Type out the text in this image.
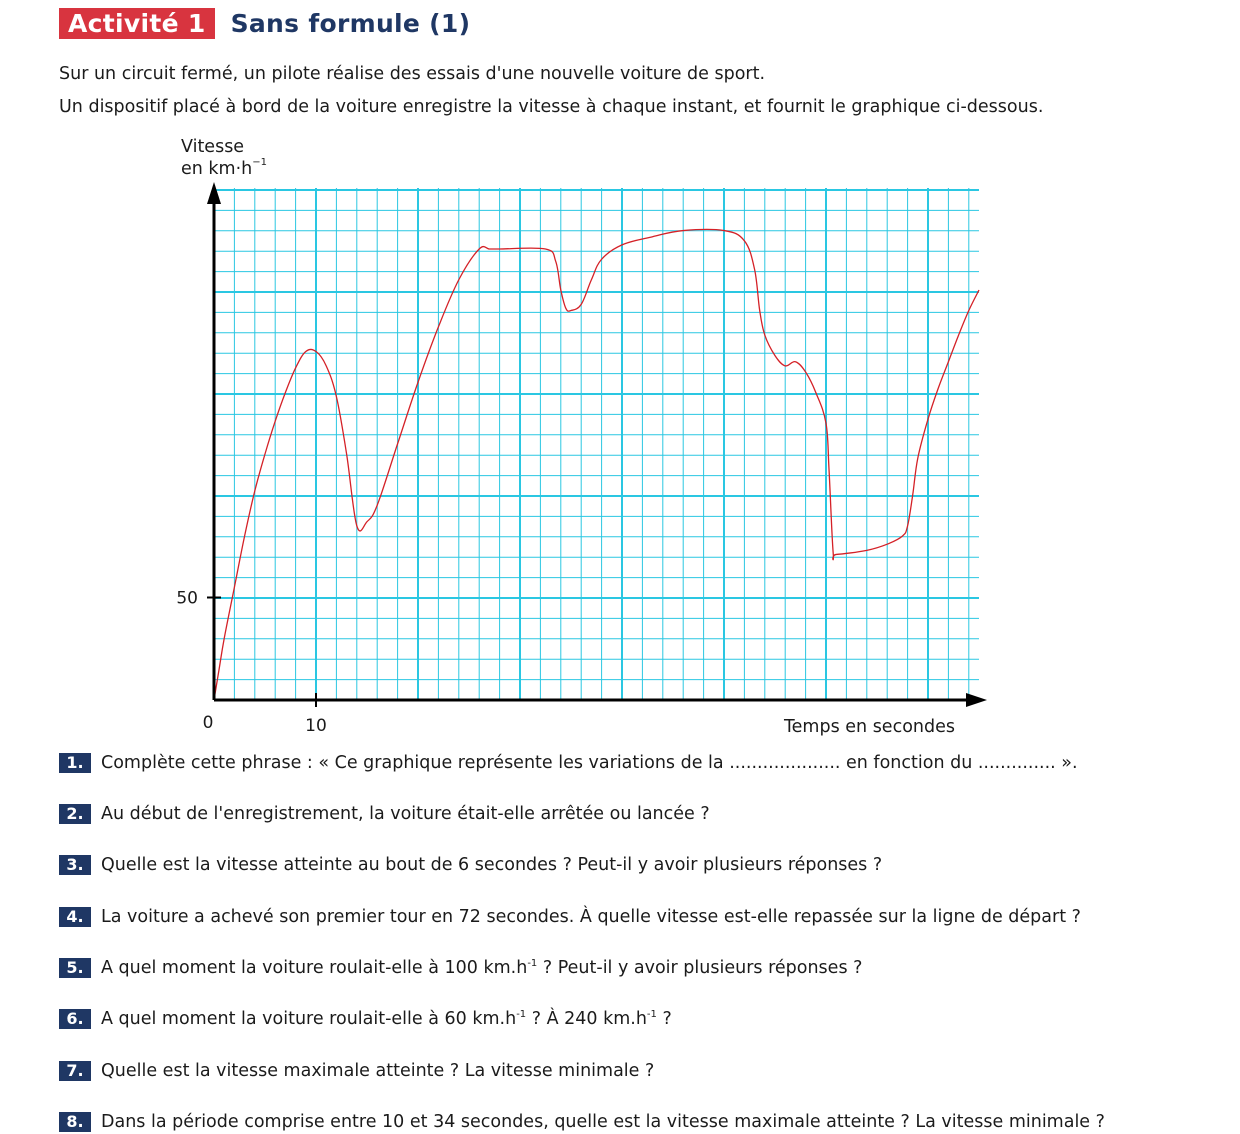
Activité 1	Sans formule (1)
Sur un circuit fermé, un pilote réalise des essais d'une nouvelle voiture de sport.
Un dispositif placé à bord de la voiture enregistre la vitesse à chaque instant, et fournit le graphique ci-dessous.
Vitesse
en $km\cdot h^{-1}$
Temps en secondes
0	10
50
1. Complète cette phrase : « Ce graphique représente les variations de la .................... en fonction du .............. ».
2. Au début de l'enregistrement, la voiture était-elle arrêtée ou lancée ?
3. Quelle est la vitesse atteinte au bout de 6 secondes ? Peut-il y avoir plusieurs réponses ?
4. La voiture a achevé son premier tour en 72 secondes. À quelle vitesse est-elle repassée sur la ligne de départ ?
5. A quel moment la voiture roulait-elle à 100 $km.h^{-1}$ ? Peut-il y avoir plusieurs réponses ?
6. A quel moment la voiture roulait-elle à 60 $km.h^{-1}$ ? À 240 $km.h^{-1}$ ?
7. Quelle est la vitesse maximale atteinte ? La vitesse minimale ?
8. Dans la période comprise entre 10 et 34 secondes, quelle est la vitesse maximale atteinte ? La vitesse minimale ?
